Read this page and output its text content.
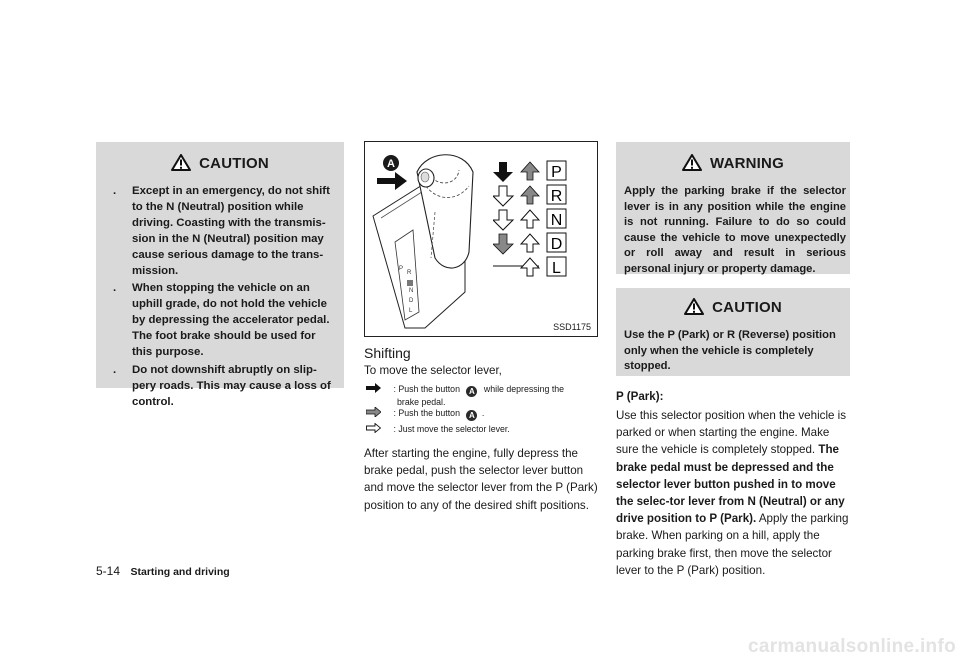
CAUTION
. Except in an emergency, do not shift to the N (Neutral) position while driving. Coasting with the transmis-sion in the N (Neutral) position may cause serious damage to the trans-mission.
. When stopping the vehicle on an uphill grade, do not hold the vehicle by depressing the accelerator pedal. The foot brake should be used for this purpose.
. Do not downshift abruptly on slip-pery roads. This may cause a loss of control.
A
P
R
N
D
L
P
R
N
D
L
SSD1175
Shifting
To move the selector lever,
: Push the button A while depressing the
brake pedal.
: Push the button A .
: Just move the selector lever.
After starting the engine, fully depress the brake pedal, push the selector lever button and move the selector lever from the P (Park) position to any of the desired shift positions.
WARNING
Apply the parking brake if the selector lever is in any position while the engine is not running. Failure to do so could cause the vehicle to move unexpectedly or roll away and result in serious personal injury or property damage.
CAUTION
Use the P (Park) or R (Reverse) position only when the vehicle is completely stopped.
P (Park):
Use this selector position when the vehicle is parked or when starting the engine. Make sure the vehicle is completely stopped. The brake pedal must be depressed and the selector lever button pushed in to move the selec-tor lever from N (Neutral) or any drive position to P (Park). Apply the parking brake. When parking on a hill, apply the parking brake first, then move the selector lever to the P (Park) position.
5-14 Starting and driving
carmanualsonline.info
